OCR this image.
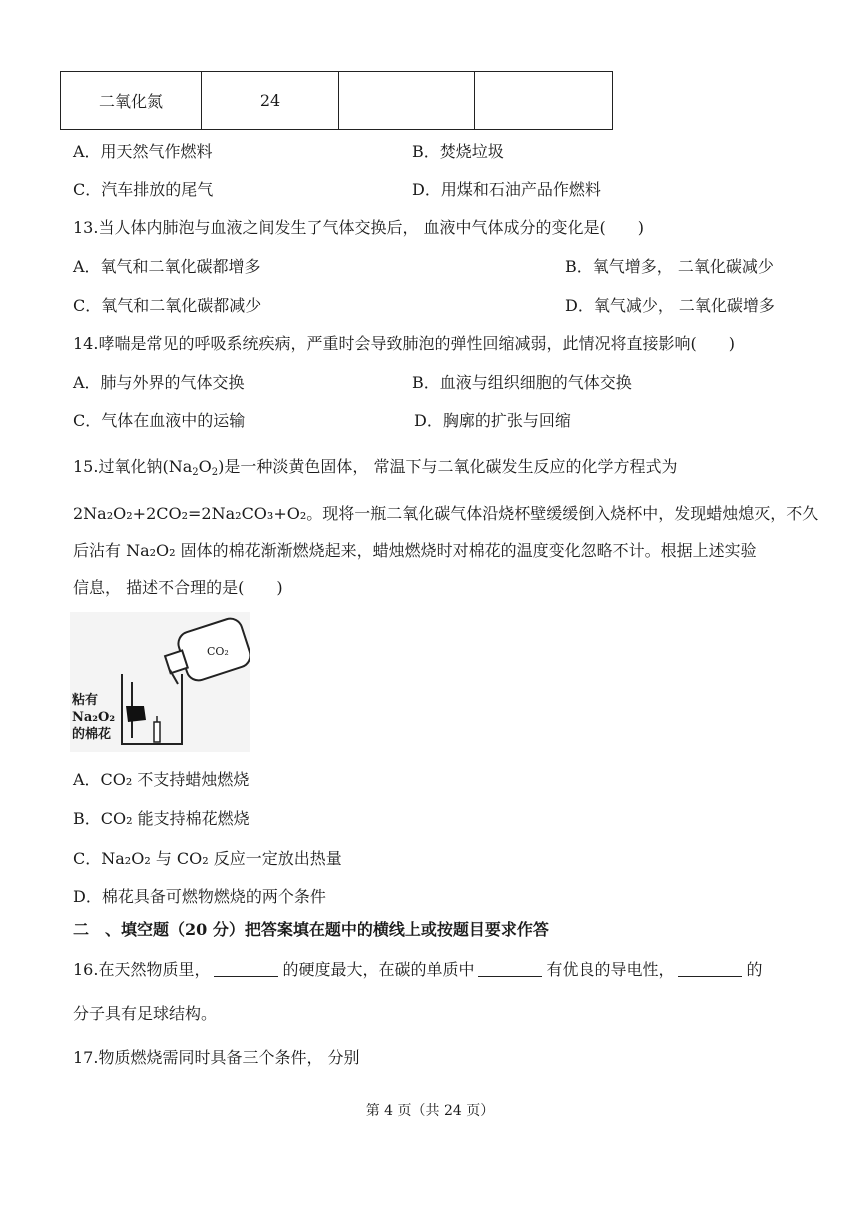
二氧化氮	24		
A．用天然气作燃料	B．焚烧垃圾
C．汽车排放的尾气	D．用煤和石油产品作燃料
13.当人体内肺泡与血液之间发生了气体交换后， 血液中气体成分的变化是(　　)
A．氧气和二氧化碳都增多	B．氧气增多， 二氧化碳减少
C．氧气和二氧化碳都减少	D．氧气减少， 二氧化碳增多
14.哮喘是常见的呼吸系统疾病，严重时会导致肺泡的弹性回缩减弱，此情况将直接影响(　　)
A．肺与外界的气体交换	B．血液与组织细胞的气体交换
C．气体在血液中的运输	D．胸廓的扩张与回缩
15.过氧化钠$(Na_2O_2)$是一种淡黄色固体， 常温下与二氧化碳发生反应的化学方程式为
2Na₂O₂+2CO₂=2Na₂CO₃+O₂。现将一瓶二氧化碳气体沿烧杯壁缓缓倒入烧杯中，发现蜡烛熄灭，不久
后沾有 Na₂O₂ 固体的棉花渐渐燃烧起来，蜡烛燃烧时对棉花的温度变化忽略不计。根据上述实验
信息， 描述不合理的是(　　)
CO₂
粘有
Na₂O₂
的棉花
A．CO₂ 不支持蜡烛燃烧
B．CO₂ 能支持棉花燃烧
C．Na₂O₂ 与 CO₂ 反应一定放出热量
D．棉花具备可燃物燃烧的两个条件
二　、填空题（20 分）把答案填在题中的横线上或按题目要求作答
16.在天然物质里，	的硬度最大，在碳的单质中	有优良的导电性，	的
分子具有足球结构。
17.物质燃烧需同时具备三个条件， 分别
第 4 页（共 24 页）
